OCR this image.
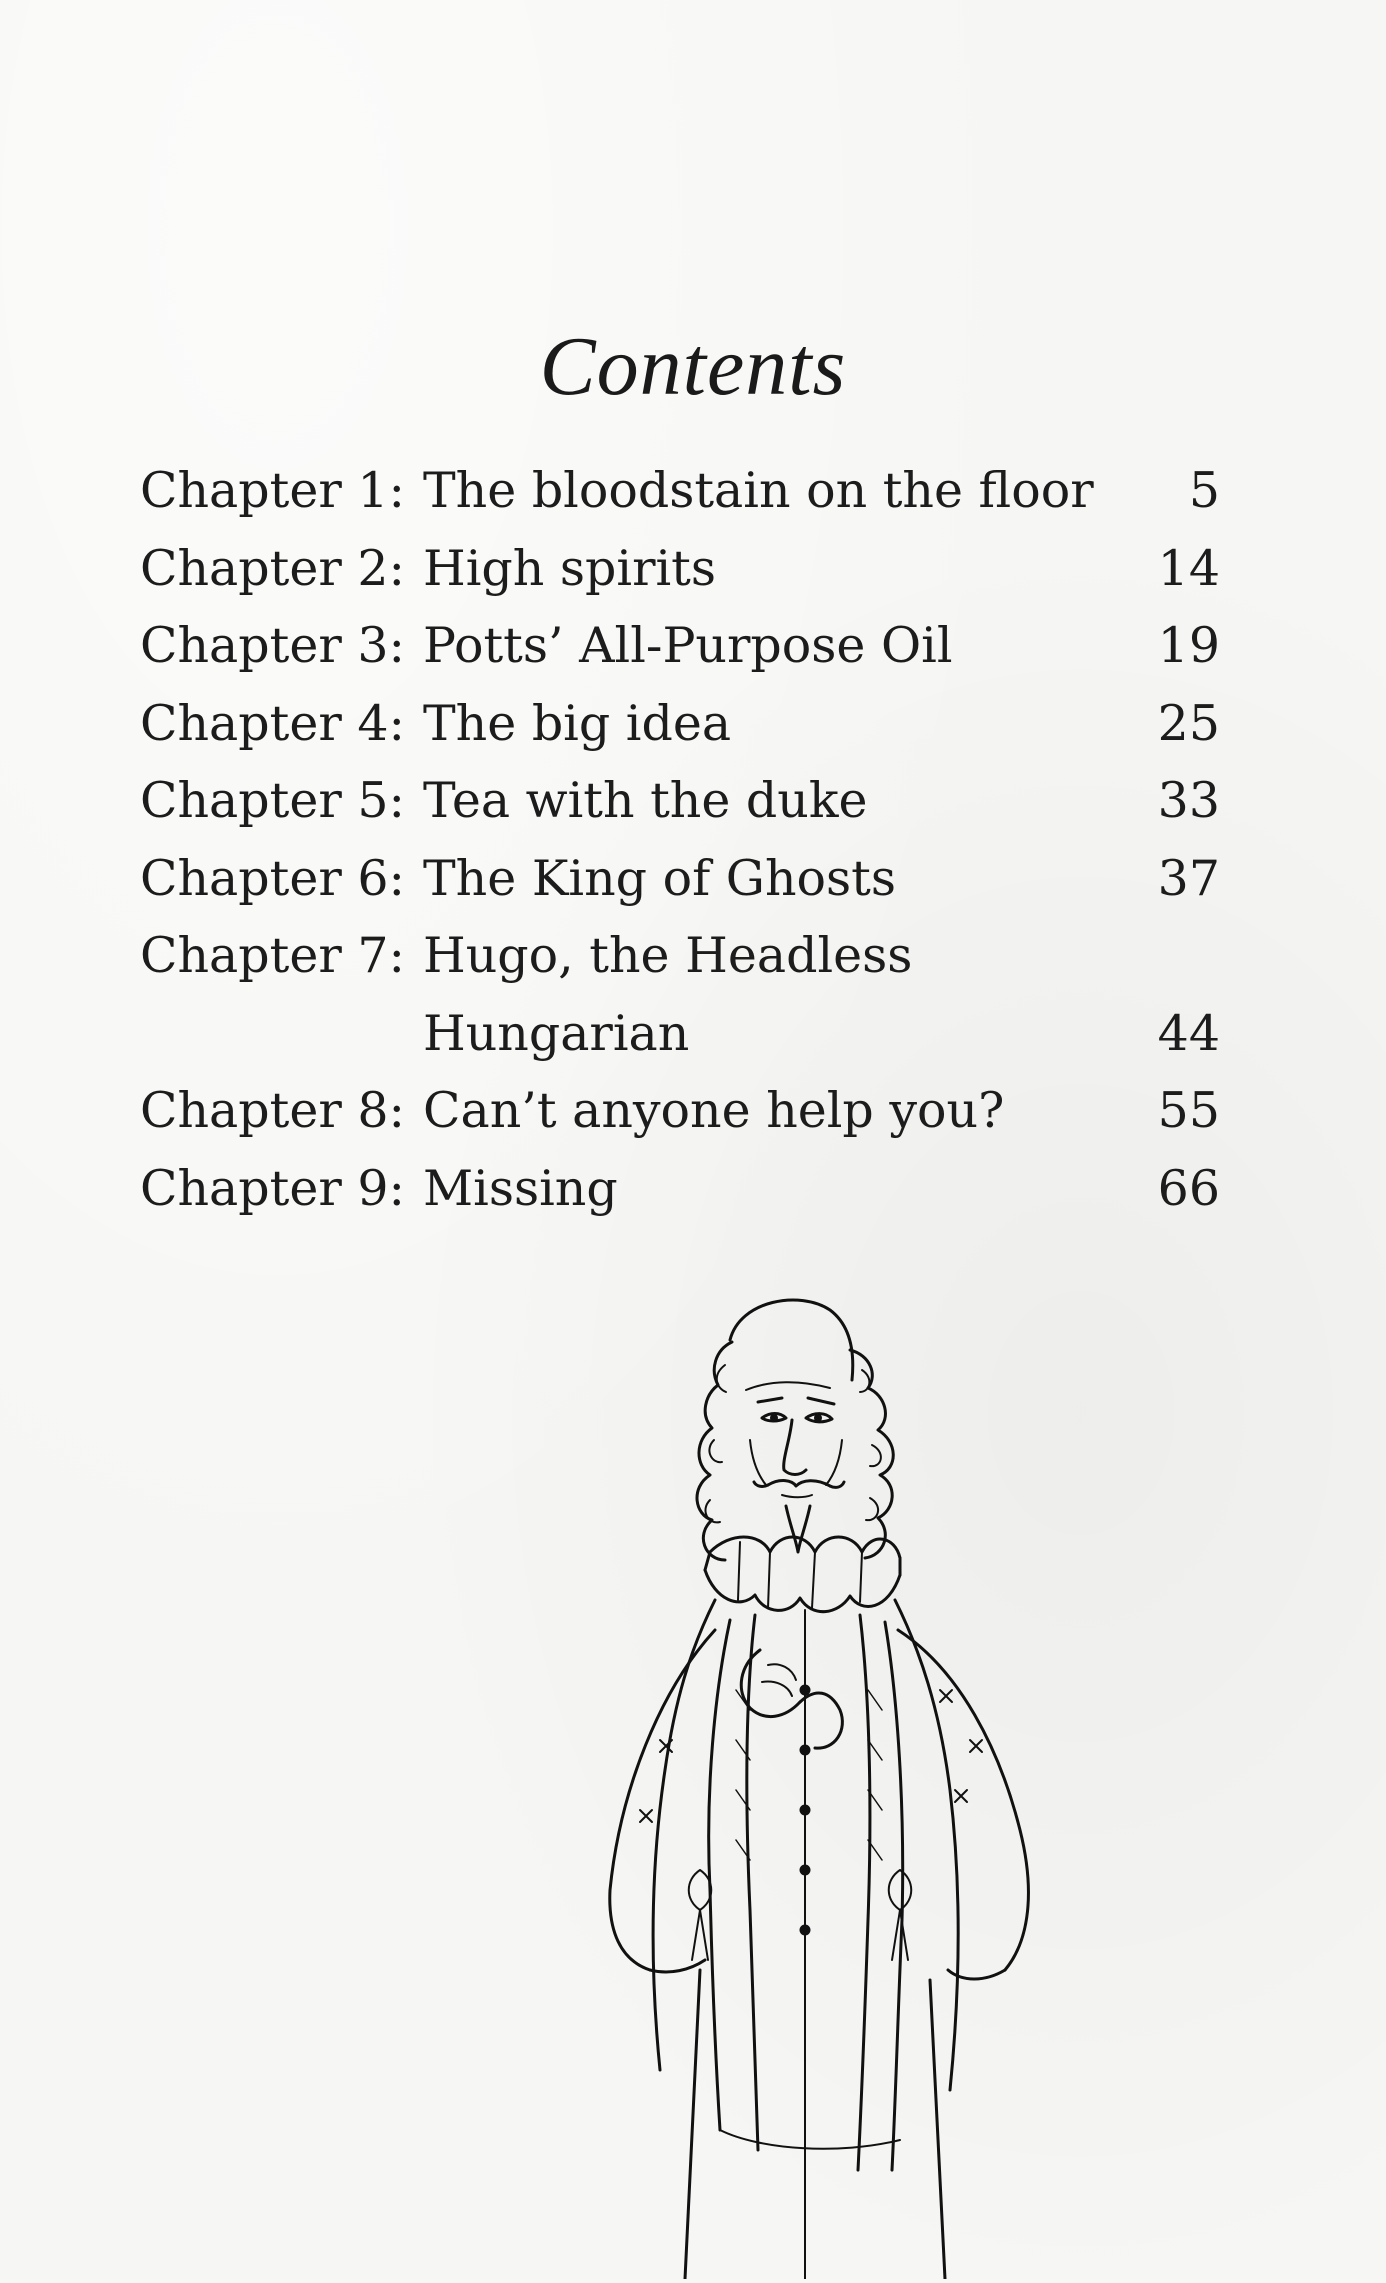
Contents
Chapter 1: The bloodstain on the floor 5
Chapter 2: High spirits	14
Chapter 3: Potts’ All-Purpose Oil	19
Chapter 4: The big idea	25
Chapter 5: Tea with the duke	33
Chapter 6: The King of Ghosts	37
Chapter 7: Hugo, the Headless
Hungarian	44
Chapter 8: Can’t anyone help you?	55
Chapter 9: Missing	66
